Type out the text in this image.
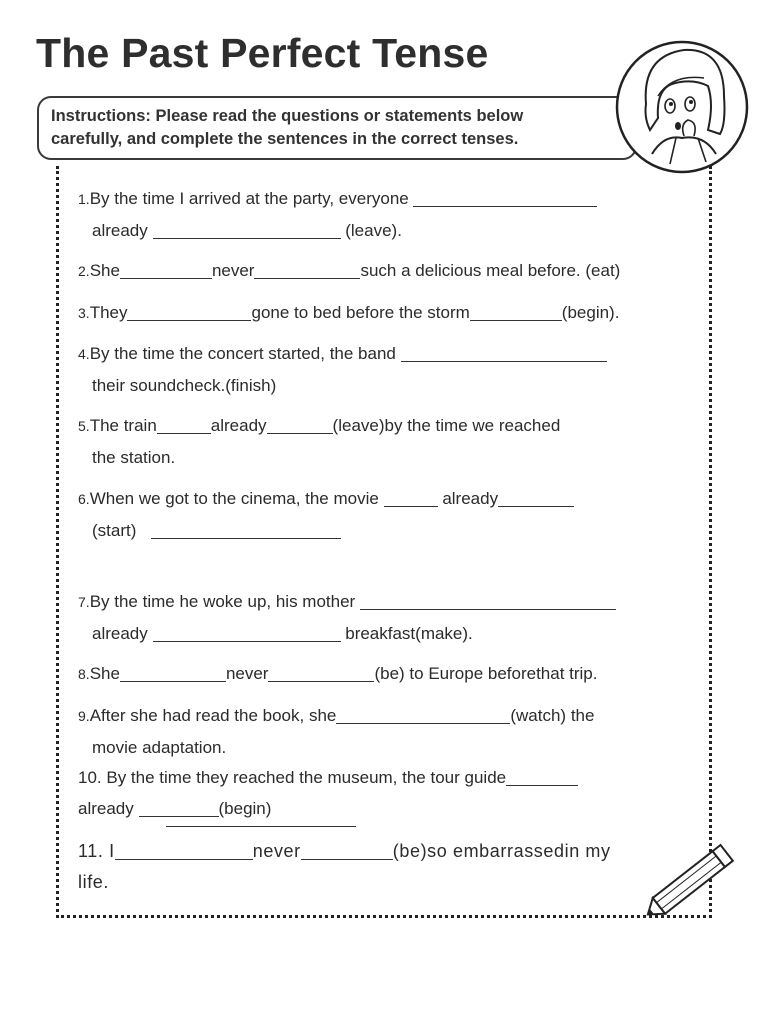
The Past Perfect Tense
Instructions: Please read the questions or statements below
carefully, and complete the sentences in the correct tenses.
1.By the time I arrived at the party, everyone
already	(leave).
2.She	never	such a delicious meal before. (eat)
3.They	gone to bed before the storm	(begin).
4.By the time the concert started, the band
their soundcheck.(finish)
5.The train	already	(leave)by the time we reached
the station.
6.When we got to the cinema, the movie	already
(start)
7.By the time he woke up, his mother
already	breakfast(make).
8.She	never	(be) to Europe beforethat trip.
9.After she had read the book, she	(watch) the
movie adaptation.
10. By the time they reached the museum, the tour guide
already	(begin)
11. I	never	(be)so embarrassedin my
life.
